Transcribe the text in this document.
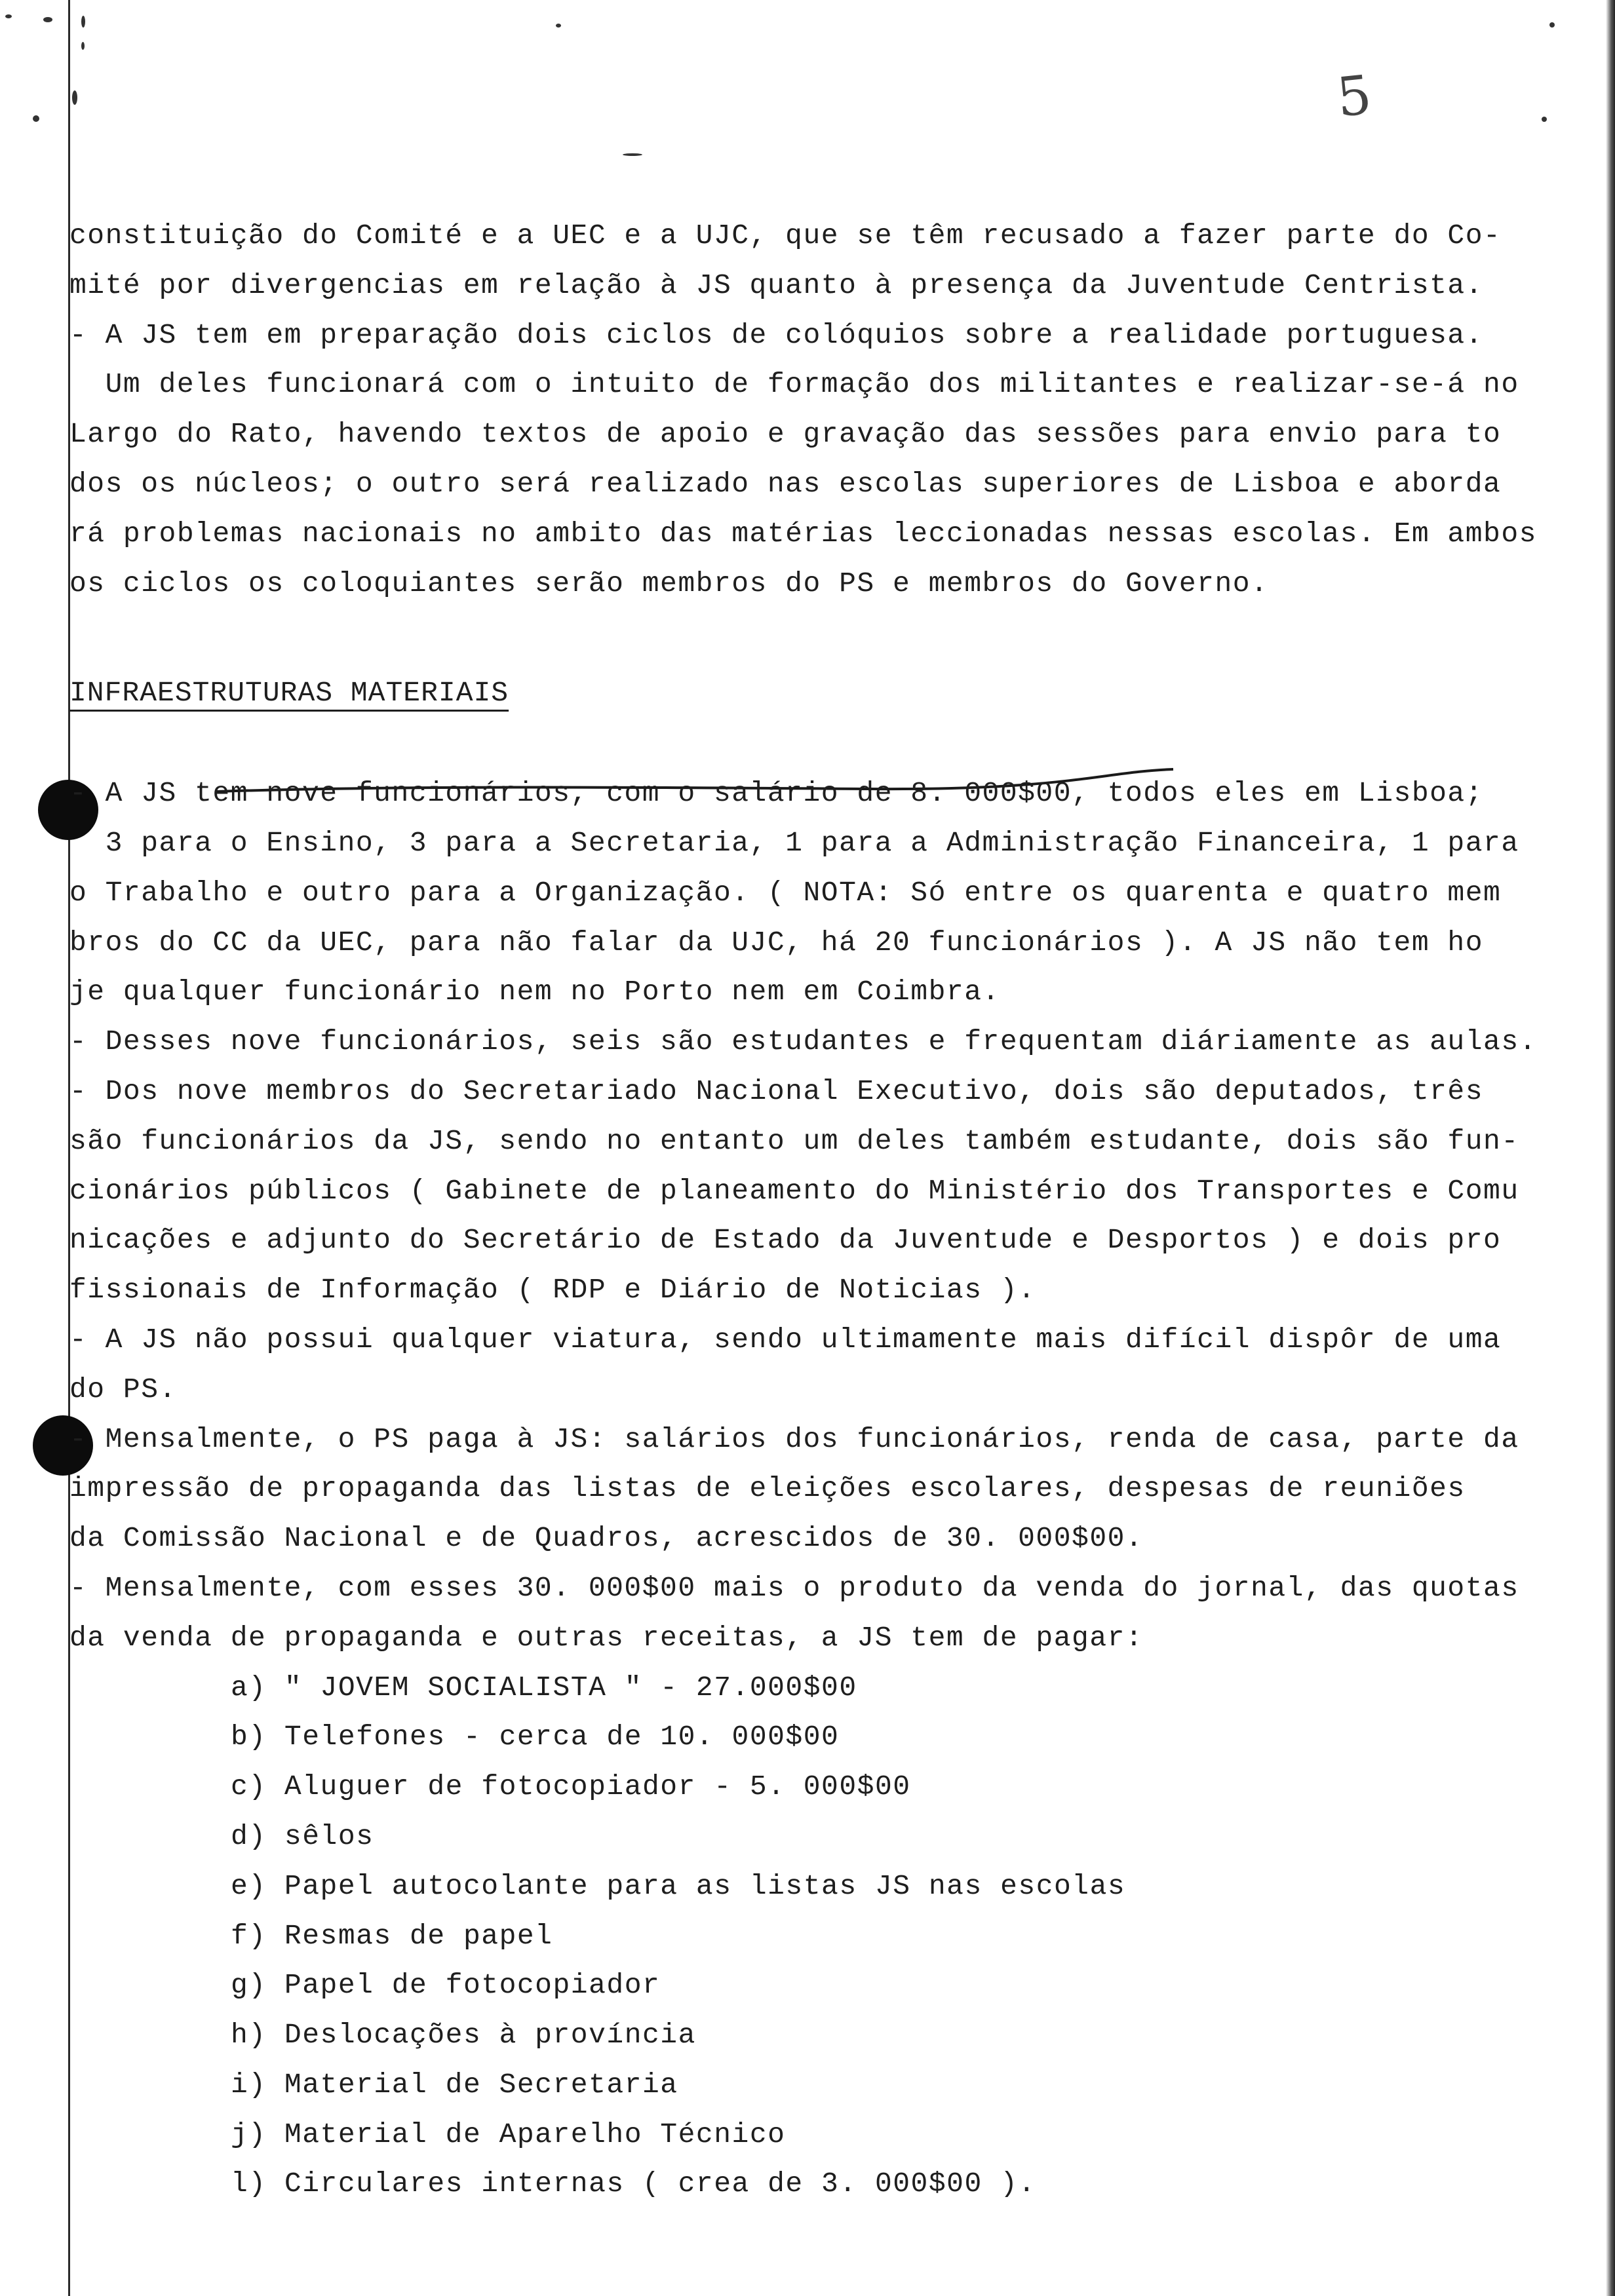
5
constituição do Comité e a UEC e a UJC, que se têm recusado a fazer parte do Co-
mité por divergencias em relação à JS quanto à presença da Juventude Centrista.
- A JS tem em preparação dois ciclos de colóquios sobre a realidade portuguesa.
Um deles funcionará com o intuito de formação dos militantes e realizar-se-á no
Largo do Rato, havendo textos de apoio e gravação das sessões para envio para to
dos os núcleos; o outro será realizado nas escolas superiores de Lisboa e aborda
rá problemas nacionais no ambito das matérias leccionadas nessas escolas. Em ambos
os ciclos os coloquiantes serão membros do PS e membros do Governo.
INFRAESTRUTURAS MATERIAIS
- A JS tem nove funcionários, com o salário de 8. 000$00, todos eles em Lisboa;
3 para o Ensino, 3 para a Secretaria, 1 para a Administração Financeira, 1 para
o Trabalho e outro para a Organização. ( NOTA: Só entre os quarenta e quatro mem
bros do CC da UEC, para não falar da UJC, há 20 funcionários ). A JS não tem ho
je qualquer funcionário nem no Porto nem em Coimbra.
- Desses nove funcionários, seis são estudantes e frequentam diáriamente as aulas.
- Dos nove membros do Secretariado Nacional Executivo, dois são deputados, três
são funcionários da JS, sendo no entanto um deles também estudante, dois são fun-
cionários públicos ( Gabinete de planeamento do Ministério dos Transportes e Comu
nicações e adjunto do Secretário de Estado da Juventude e Desportos ) e dois pro
fissionais de Informação ( RDP e Diário de Noticias ).
- A JS não possui qualquer viatura, sendo ultimamente mais difícil dispôr de uma
do PS.
- Mensalmente, o PS paga à JS: salários dos funcionários, renda de casa, parte da
impressão de propaganda das listas de eleições escolares, despesas de reuniões
da Comissão Nacional e de Quadros, acrescidos de 30. 000$00.
- Mensalmente, com esses 30. 000$00 mais o produto da venda do jornal, das quotas
da venda de propaganda e outras receitas, a JS tem de pagar:
a) " JOVEM SOCIALISTA " - 27.000$00
b) Telefones - cerca de 10. 000$00
c) Aluguer de fotocopiador - 5. 000$00
d) sêlos
e) Papel autocolante para as listas JS nas escolas
f) Resmas de papel
g) Papel de fotocopiador
h) Deslocações à província
i) Material de Secretaria
j) Material de Aparelho Técnico
l) Circulares internas ( crea de 3. 000$00 ).
